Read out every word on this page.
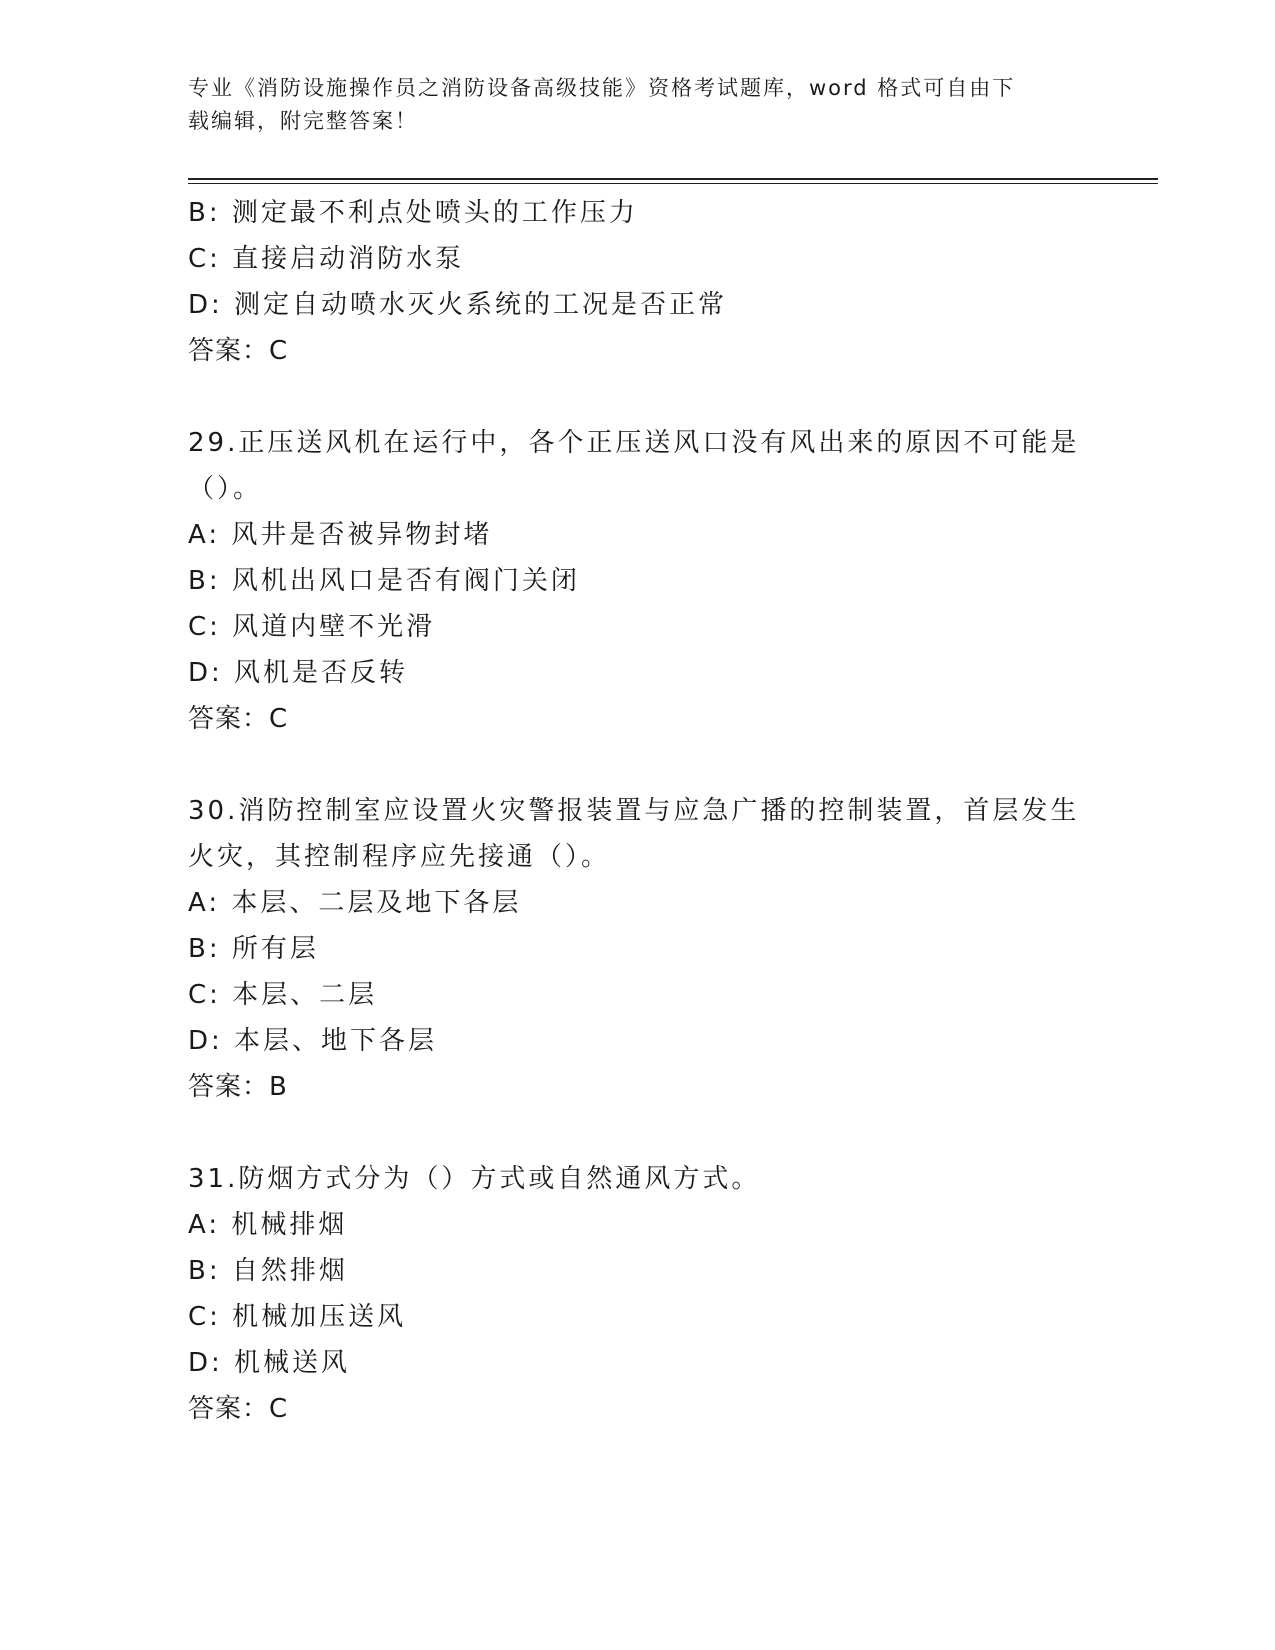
专业《消防设施操作员之消防设备高级技能》资格考试题库，word 格式可自由下
载编辑，附完整答案！
B: 测定最不利点处喷头的工作压力
C: 直接启动消防水泵
D: 测定自动喷水灭火系统的工况是否正常
答案：C
29.正压送风机在运行中，各个正压送风口没有风出来的原因不可能是
（）。
A: 风井是否被异物封堵
B: 风机出风口是否有阀门关闭
C: 风道内壁不光滑
D: 风机是否反转
答案：C
30.消防控制室应设置火灾警报装置与应急广播的控制装置，首层发生
火灾，其控制程序应先接通（）。
A: 本层、二层及地下各层
B: 所有层
C: 本层、二层
D: 本层、地下各层
答案：B
31.防烟方式分为（）方式或自然通风方式。
A: 机械排烟
B: 自然排烟
C: 机械加压送风
D: 机械送风
答案：C
